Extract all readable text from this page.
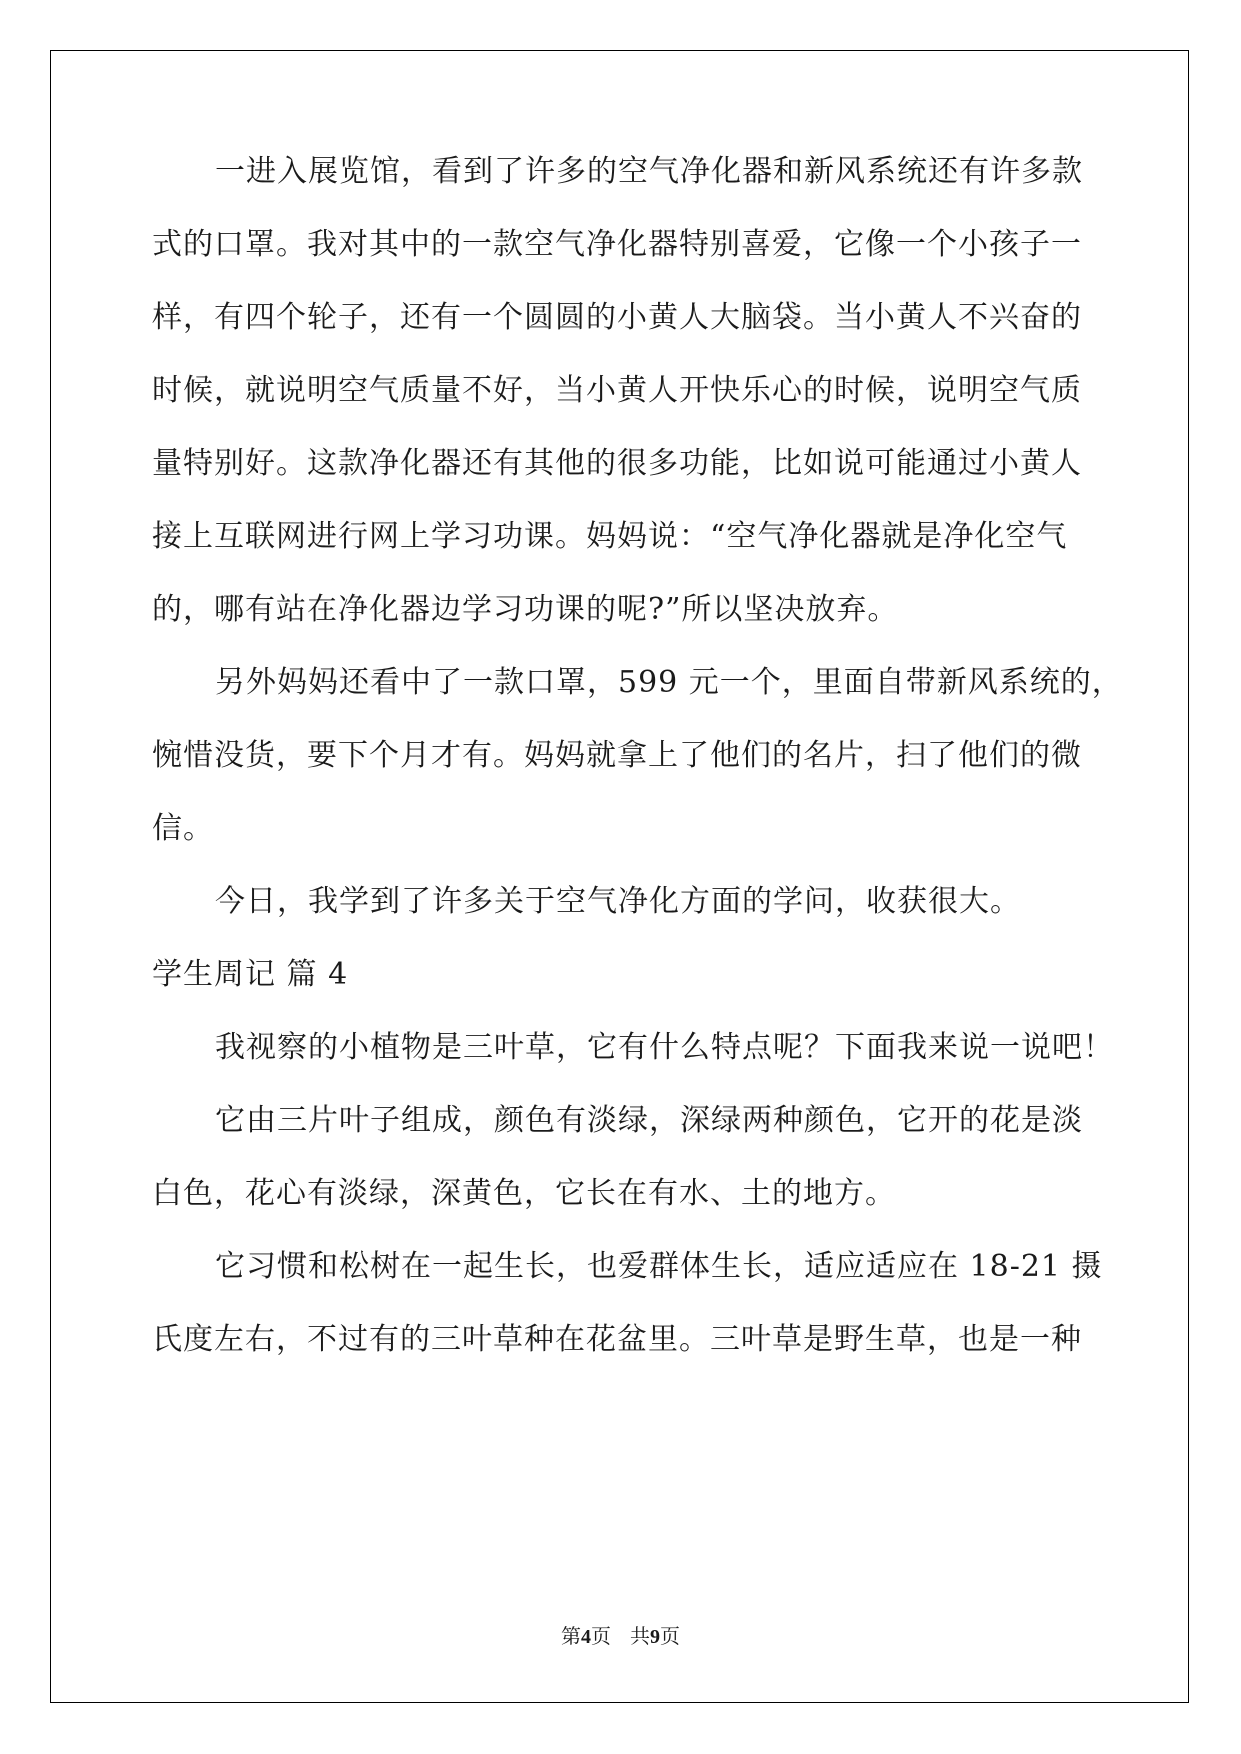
一进入展览馆，看到了许多的空气净化器和新风系统还有许多款
式的口罩。我对其中的一款空气净化器特别喜爱，它像一个小孩子一
样，有四个轮子，还有一个圆圆的小黄人大脑袋。当小黄人不兴奋的
时候，就说明空气质量不好，当小黄人开快乐心的时候，说明空气质
量特别好。这款净化器还有其他的很多功能，比如说可能通过小黄人
接上互联网进行网上学习功课。妈妈说：“空气净化器就是净化空气
的，哪有站在净化器边学习功课的呢?”所以坚决放弃。
另外妈妈还看中了一款口罩，599 元一个，里面自带新风系统的，
惋惜没货，要下个月才有。妈妈就拿上了他们的名片，扫了他们的微
信。
今日，我学到了许多关于空气净化方面的学问，收获很大。
学生周记 篇 4
我视察的小植物是三叶草，它有什么特点呢？下面我来说一说吧！
它由三片叶子组成，颜色有淡绿，深绿两种颜色，它开的花是淡
白色，花心有淡绿，深黄色，它长在有水、土的地方。
它习惯和松树在一起生长，也爱群体生长，适应适应在 18-21 摄
氏度左右，不过有的三叶草种在花盆里。三叶草是野生草，也是一种
第4页   共9页
